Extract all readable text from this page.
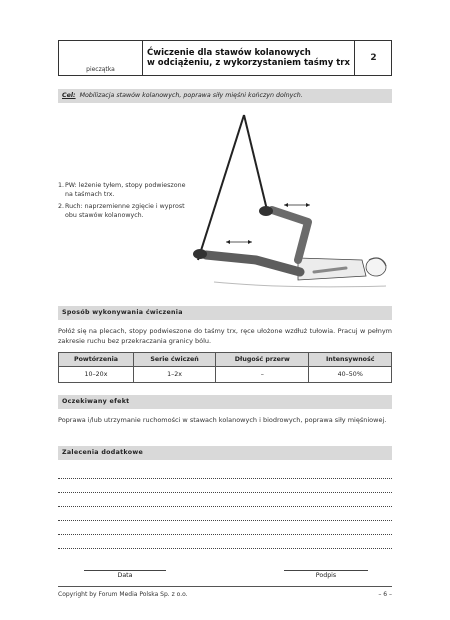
pieczątka
Ćwiczenie dla stawów kolanowych
w odciążeniu, z wykorzystaniem taśmy trx	2
Cel: Mobilizacja stawów kolanowych, poprawa siły mięśni kończyn dolnych.
1. PW: leżenie tyłem, stopy podwieszone na taśmach trx.
2. Ruch: naprzemienne zgięcie i wyprost obu stawów kolanowych.
Sposób wykonywania ćwiczenia
Połóż się na plecach, stopy podwieszone do taśmy trx, ręce ułożone wzdłuż tułowia. Pracuj w pełnym zakresie ruchu bez przekraczania granicy bólu.
Powtórzenia	Serie ćwiczeń	Długość przerw	Intensywność
10–20x	1–2x	–	40–50%
Oczekiwany efekt
Poprawa i/lub utrzymanie ruchomości w stawach kolanowych i biodrowych, poprawa siły mięśniowej.
Zalecenia dodatkowe
Data	Podpis
Copyright by Forum Media Polska Sp. z o.o.	– 6 –
